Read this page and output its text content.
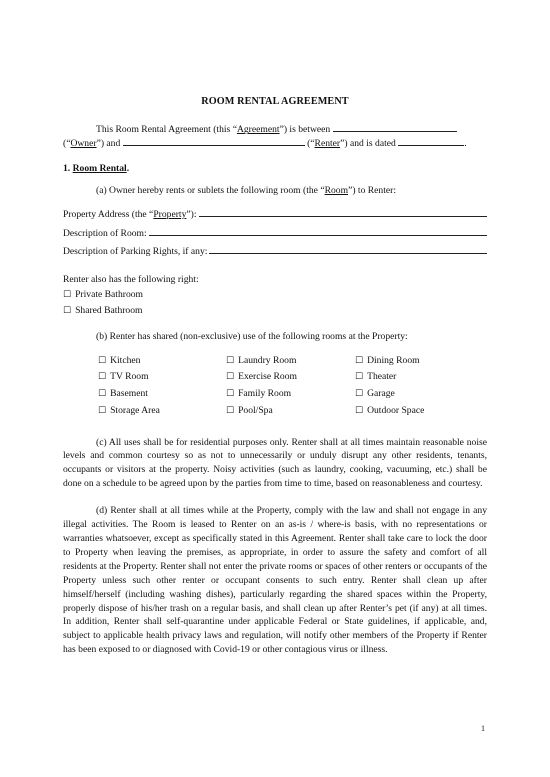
ROOM RENTAL AGREEMENT

This Room Rental Agreement (this “Agreement”) is between
(“Owner”) and	(“Renter”) and is dated	.

1. Room Rental.

(a) Owner hereby rents or sublets the following room (the “Room”) to Renter:

Property Address (the “ Property ”):
Description of Room:
Description of Parking Rights, if any:

Renter also has the following right:

☐ Private Bathroom

☐ Shared Bathroom

(b) Renter has shared (non-exclusive) use of the following rooms at the Property:

☐ Kitchen	☐ Laundry Room	☐ Dining Room
☐ TV Room	☐ Exercise Room	☐ Theater
☐ Basement	☐ Family Room	☐ Garage
☐ Storage Area	☐ Pool/Spa	☐ Outdoor Space

(c) All uses shall be for residential purposes only. Renter shall at all times maintain reasonable noise levels and common courtesy so as not to unnecessarily or unduly disrupt any other residents, tenants, occupants or visitors at the property. Noisy activities (such as laundry, cooking, vacuuming, etc.) shall be done on a schedule to be agreed upon by the parties from time to time, based on reasonableness and courtesy.

(d) Renter shall at all times while at the Property, comply with the law and shall not engage in any illegal activities. The Room is leased to Renter on an as-is / where-is basis, with no representations or warranties whatsoever, except as specifically stated in this Agreement. Renter shall take care to lock the door to Property when leaving the premises, as appropriate, in order to assure the safety and comfort of all residents at the Property. Renter shall not enter the private rooms or spaces of other renters or occupants of the Property unless such other renter or occupant consents to such entry. Renter shall clean up after himself/herself (including washing dishes), particularly regarding the shared spaces within the Property, properly dispose of his/her trash on a regular basis, and shall clean up after Renter’s pet (if any) at all times. In addition, Renter shall self-quarantine under applicable Federal or State guidelines, if applicable, and, subject to applicable health privacy laws and regulation, will notify other members of the Property if Renter has been exposed to or diagnosed with Covid-19 or other contagious virus or illness.

1
